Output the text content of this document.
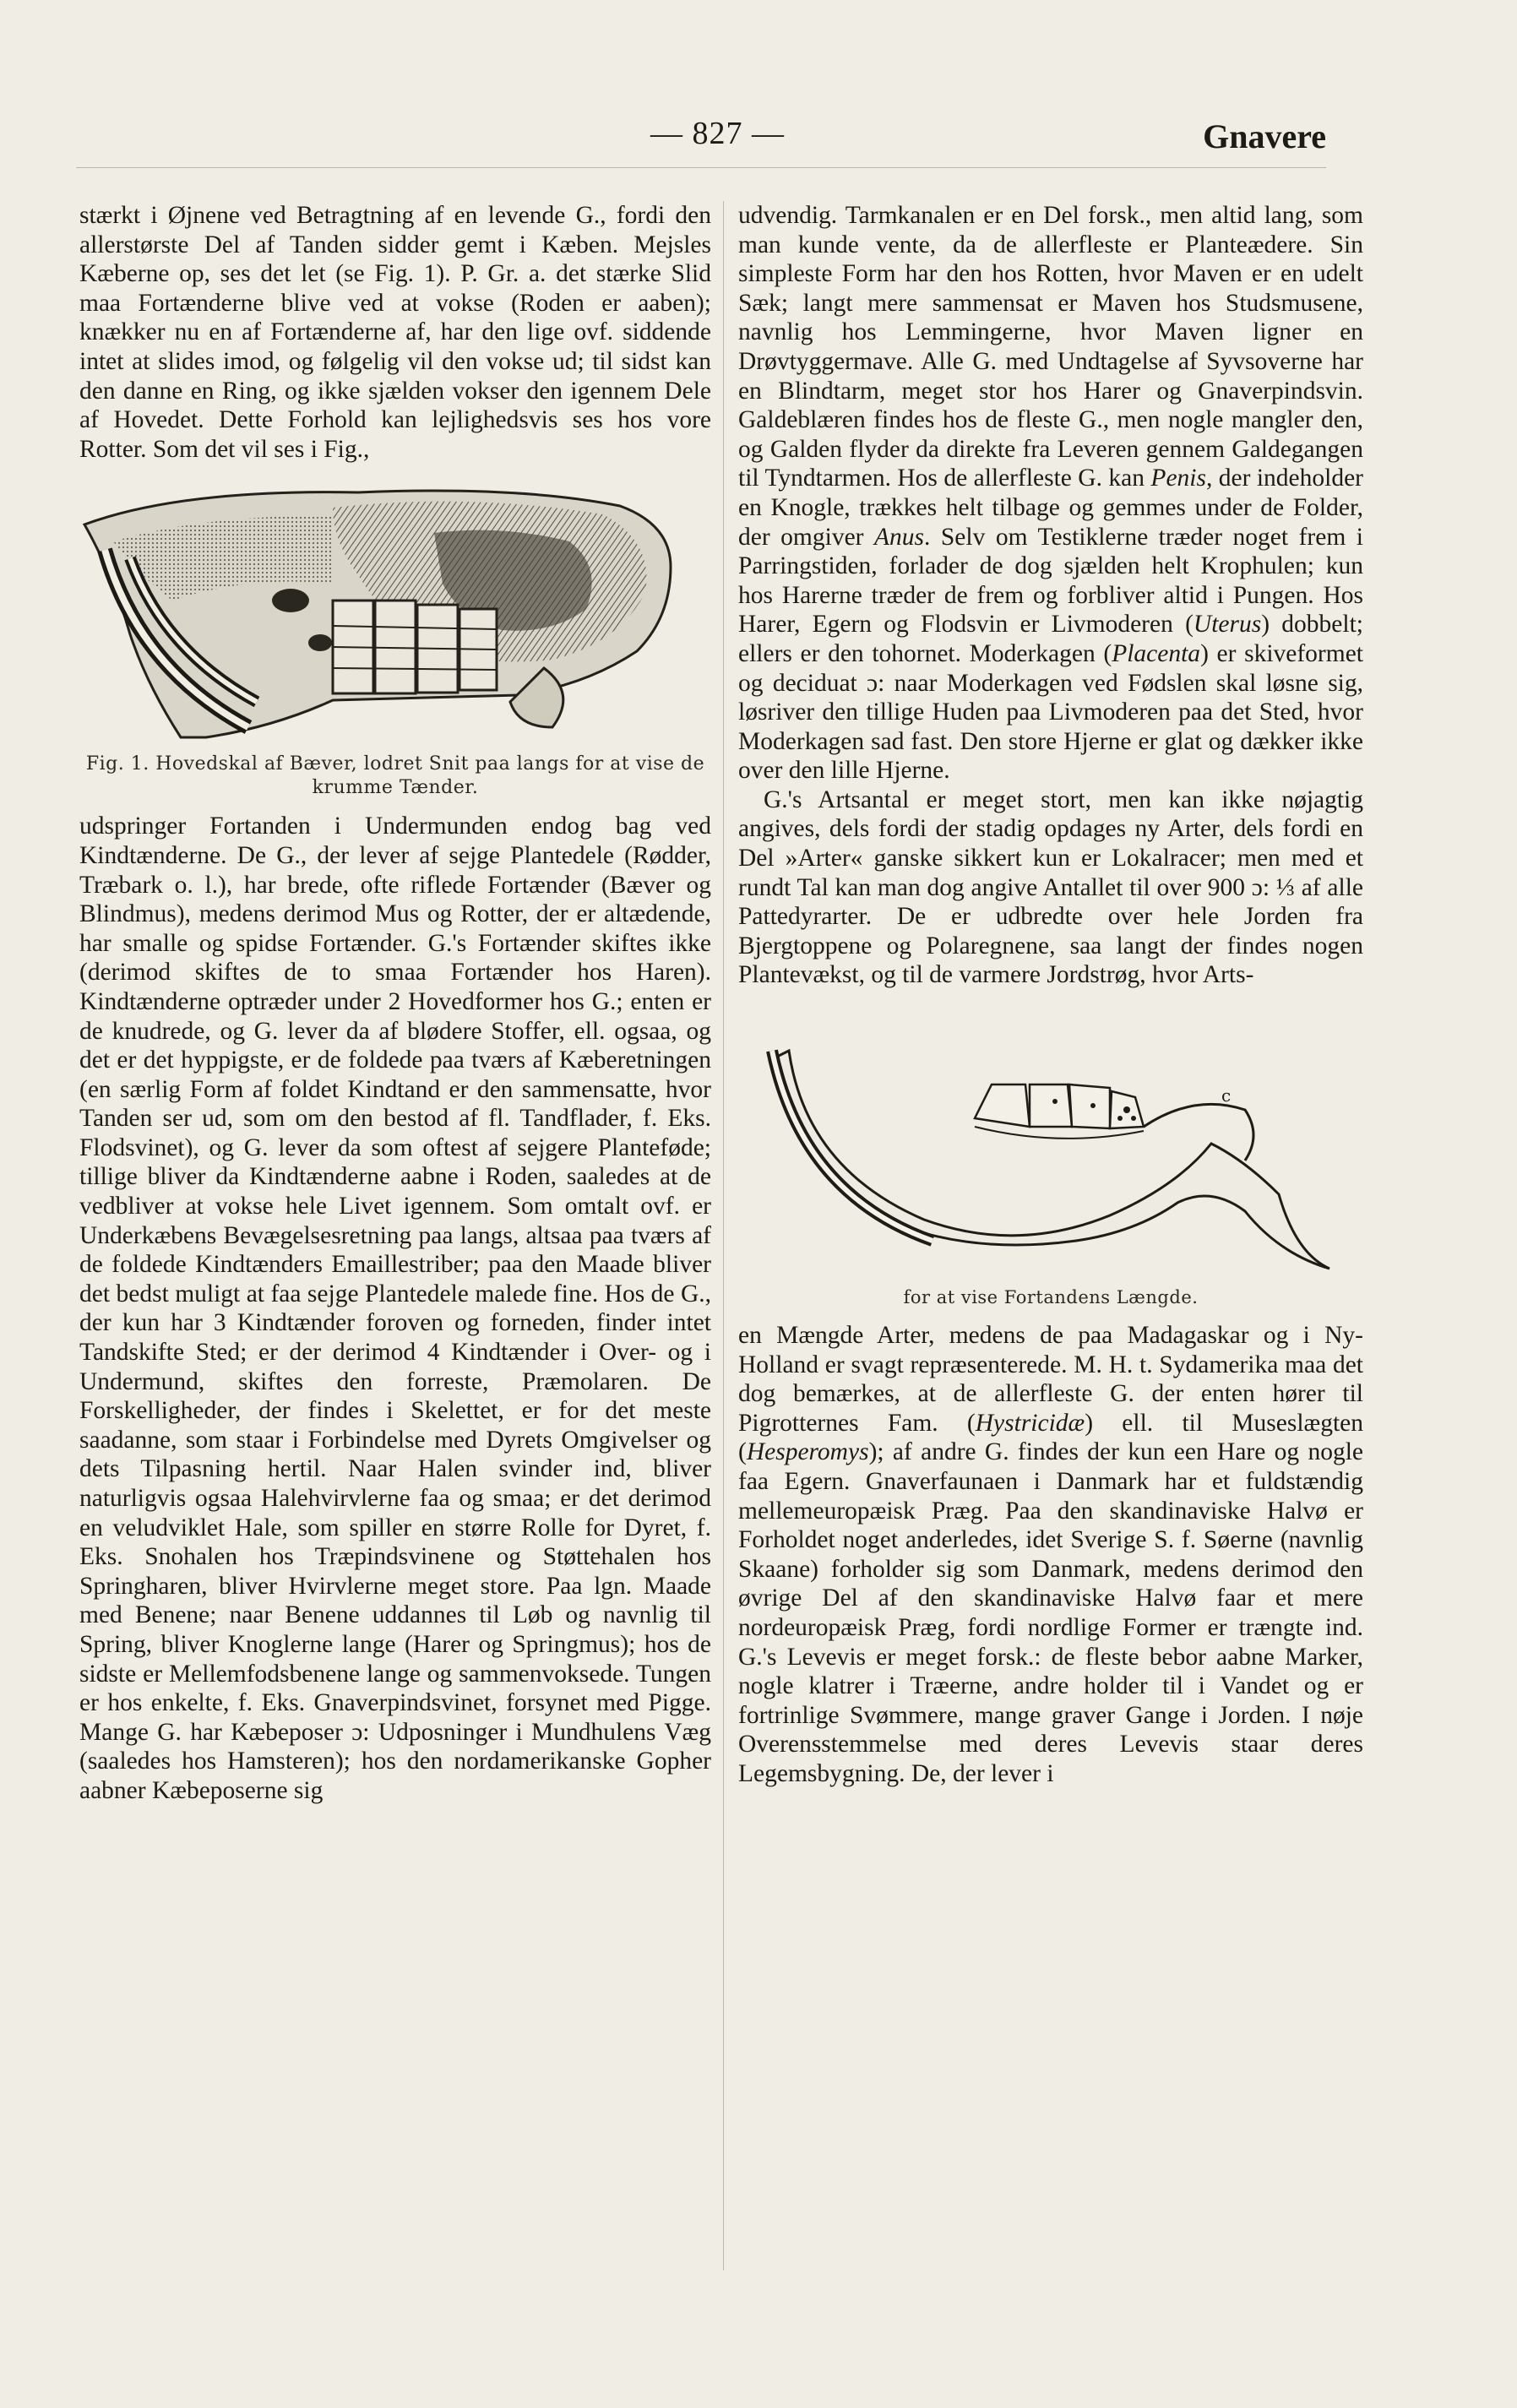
— 827 —	Gnavere

stærkt i Øjnene ved Betragtning af en levende G., fordi den allerstørste Del af Tanden sidder gemt i Kæben. Mejsles Kæberne op, ses det let (se Fig. 1). P. Gr. a. det stærke Slid maa Fortænderne blive ved at vokse (Roden er aaben); knækker nu en af Fortænderne af, har den lige ovf. siddende intet at slides imod, og følgelig vil den vokse ud; til sidst kan den danne en Ring, og ikke sjælden vokser den igennem Dele af Hovedet. Dette Forhold kan lejlighedsvis ses hos vore Rotter. Som det vil ses i Fig.,

Fig. 1. Hovedskal af Bæver, lodret Snit paa langs for at vise de krumme Tænder.

udspringer Fortanden i Undermunden endog bag ved Kindtænderne. De G., der lever af sejge Plantedele (Rødder, Træbark o. l.), har brede, ofte riflede Fortænder (Bæver og Blindmus), medens derimod Mus og Rotter, der er altædende, har smalle og spidse Fortænder. G.'s Fortænder skiftes ikke (derimod skiftes de to smaa Fortænder hos Haren). Kindtænderne optræder under 2 Hovedformer hos G.; enten er de knudrede, og G. lever da af blødere Stoffer, ell. ogsaa, og det er det hyppigste, er de foldede paa tværs af Kæberetningen (en særlig Form af foldet Kindtand er den sammensatte, hvor Tanden ser ud, som om den bestod af fl. Tandflader, f. Eks. Flodsvinet), og G. lever da som oftest af sejgere Planteføde; tillige bliver da Kindtænderne aabne i Roden, saaledes at de vedbliver at vokse hele Livet igennem. Som omtalt ovf. er Underkæbens Bevægelsesretning paa langs, altsaa paa tværs af de foldede Kindtænders Emaillestriber; paa den Maade bliver det bedst muligt at faa sejge Plantedele malede fine. Hos de G., der kun har 3 Kindtænder foroven og forneden, finder intet Tandskifte Sted; er der derimod 4 Kindtænder i Over- og i Undermund, skiftes den forreste, Præmolaren. De Forskelligheder, der findes i Skelettet, er for det meste saadanne, som staar i Forbindelse med Dyrets Omgivelser og dets Tilpasning hertil. Naar Halen svinder ind, bliver naturligvis ogsaa Halehvirvlerne faa og smaa; er det derimod en veludviklet Hale, som spiller en større Rolle for Dyret, f. Eks. Snohalen hos Træpindsvinene og Støttehalen hos Springharen, bliver Hvirvlerne meget store. Paa lgn. Maade med Benene; naar Benene uddannes til Løb og navnlig til Spring, bliver Knoglerne lange (Harer og Springmus); hos de sidste er Mellemfodsbenene lange og sammenvoksede. Tungen er hos enkelte, f. Eks. Gnaverpindsvinet, forsynet med Pigge. Mange G. har Kæbeposer ɔ: Udposninger i Mundhulens Væg (saaledes hos Hamsteren); hos den nordamerikanske Gopher aabner Kæbeposerne sig

udvendig. Tarmkanalen er en Del forsk., men altid lang, som man kunde vente, da de allerfleste er Planteædere. Sin simpleste Form har den hos Rotten, hvor Maven er en udelt Sæk; langt mere sammensat er Maven hos Studsmusene, navnlig hos Lemmingerne, hvor Maven ligner en Drøvtyggermave. Alle G. med Undtagelse af Syvsoverne har en Blindtarm, meget stor hos Harer og Gnaverpindsvin. Galdeblæren findes hos de fleste G., men nogle mangler den, og Galden flyder da direkte fra Leveren gennem Galdegangen til Tyndtarmen. Hos de allerfleste G. kan Penis, der indeholder en Knogle, trækkes helt tilbage og gemmes under de Folder, der omgiver Anus. Selv om Testiklerne træder noget frem i Parringstiden, forlader de dog sjælden helt Krophulen; kun hos Harerne træder de frem og forbliver altid i Pungen. Hos Harer, Egern og Flodsvin er Livmoderen (Uterus) dobbelt; ellers er den tohornet. Moderkagen (Placenta) er skiveformet og deciduat ɔ: naar Moderkagen ved Fødslen skal løsne sig, løsriver den tillige Huden paa Livmoderen paa det Sted, hvor Moderkagen sad fast. Den store Hjerne er glat og dækker ikke over den lille Hjerne.

G.'s Artsantal er meget stort, men kan ikke nøjagtig angives, dels fordi der stadig opdages ny Arter, dels fordi en Del »Arter« ganske sikkert kun er Lokalracer; men med et rundt Tal kan man dog angive Antallet til over 900 ɔ: ⅓ af alle Pattedyrarter. De er udbredte over hele Jorden fra Bjergtoppene og Polaregnene, saa langt der findes nogen Plantevækst, og til de varmere Jordstrøg, hvor Arts-

c
for at vise Fortandens Længde.

en Mængde Arter, medens de paa Madagaskar og i Ny-Holland er svagt repræsenterede. M. H. t. Sydamerika maa det dog bemærkes, at de allerfleste G. der enten hører til Pigrotternes Fam. (Hystricidæ) ell. til Museslægten (Hesperomys); af andre G. findes der kun een Hare og nogle faa Egern. Gnaverfaunaen i Danmark har et fuldstændig mellemeuropæisk Præg. Paa den skandinaviske Halvø er Forholdet noget anderledes, idet Sverige S. f. Søerne (navnlig Skaane) forholder sig som Danmark, medens derimod den øvrige Del af den skandinaviske Halvø faar et mere nordeuropæisk Præg, fordi nordlige Former er trængte ind. G.'s Levevis er meget forsk.: de fleste bebor aabne Marker, nogle klatrer i Træerne, andre holder til i Vandet og er fortrinlige Svømmere, mange graver Gange i Jorden. I nøje Overensstemmelse med deres Levevis staar deres Legemsbygning. De, der lever i
